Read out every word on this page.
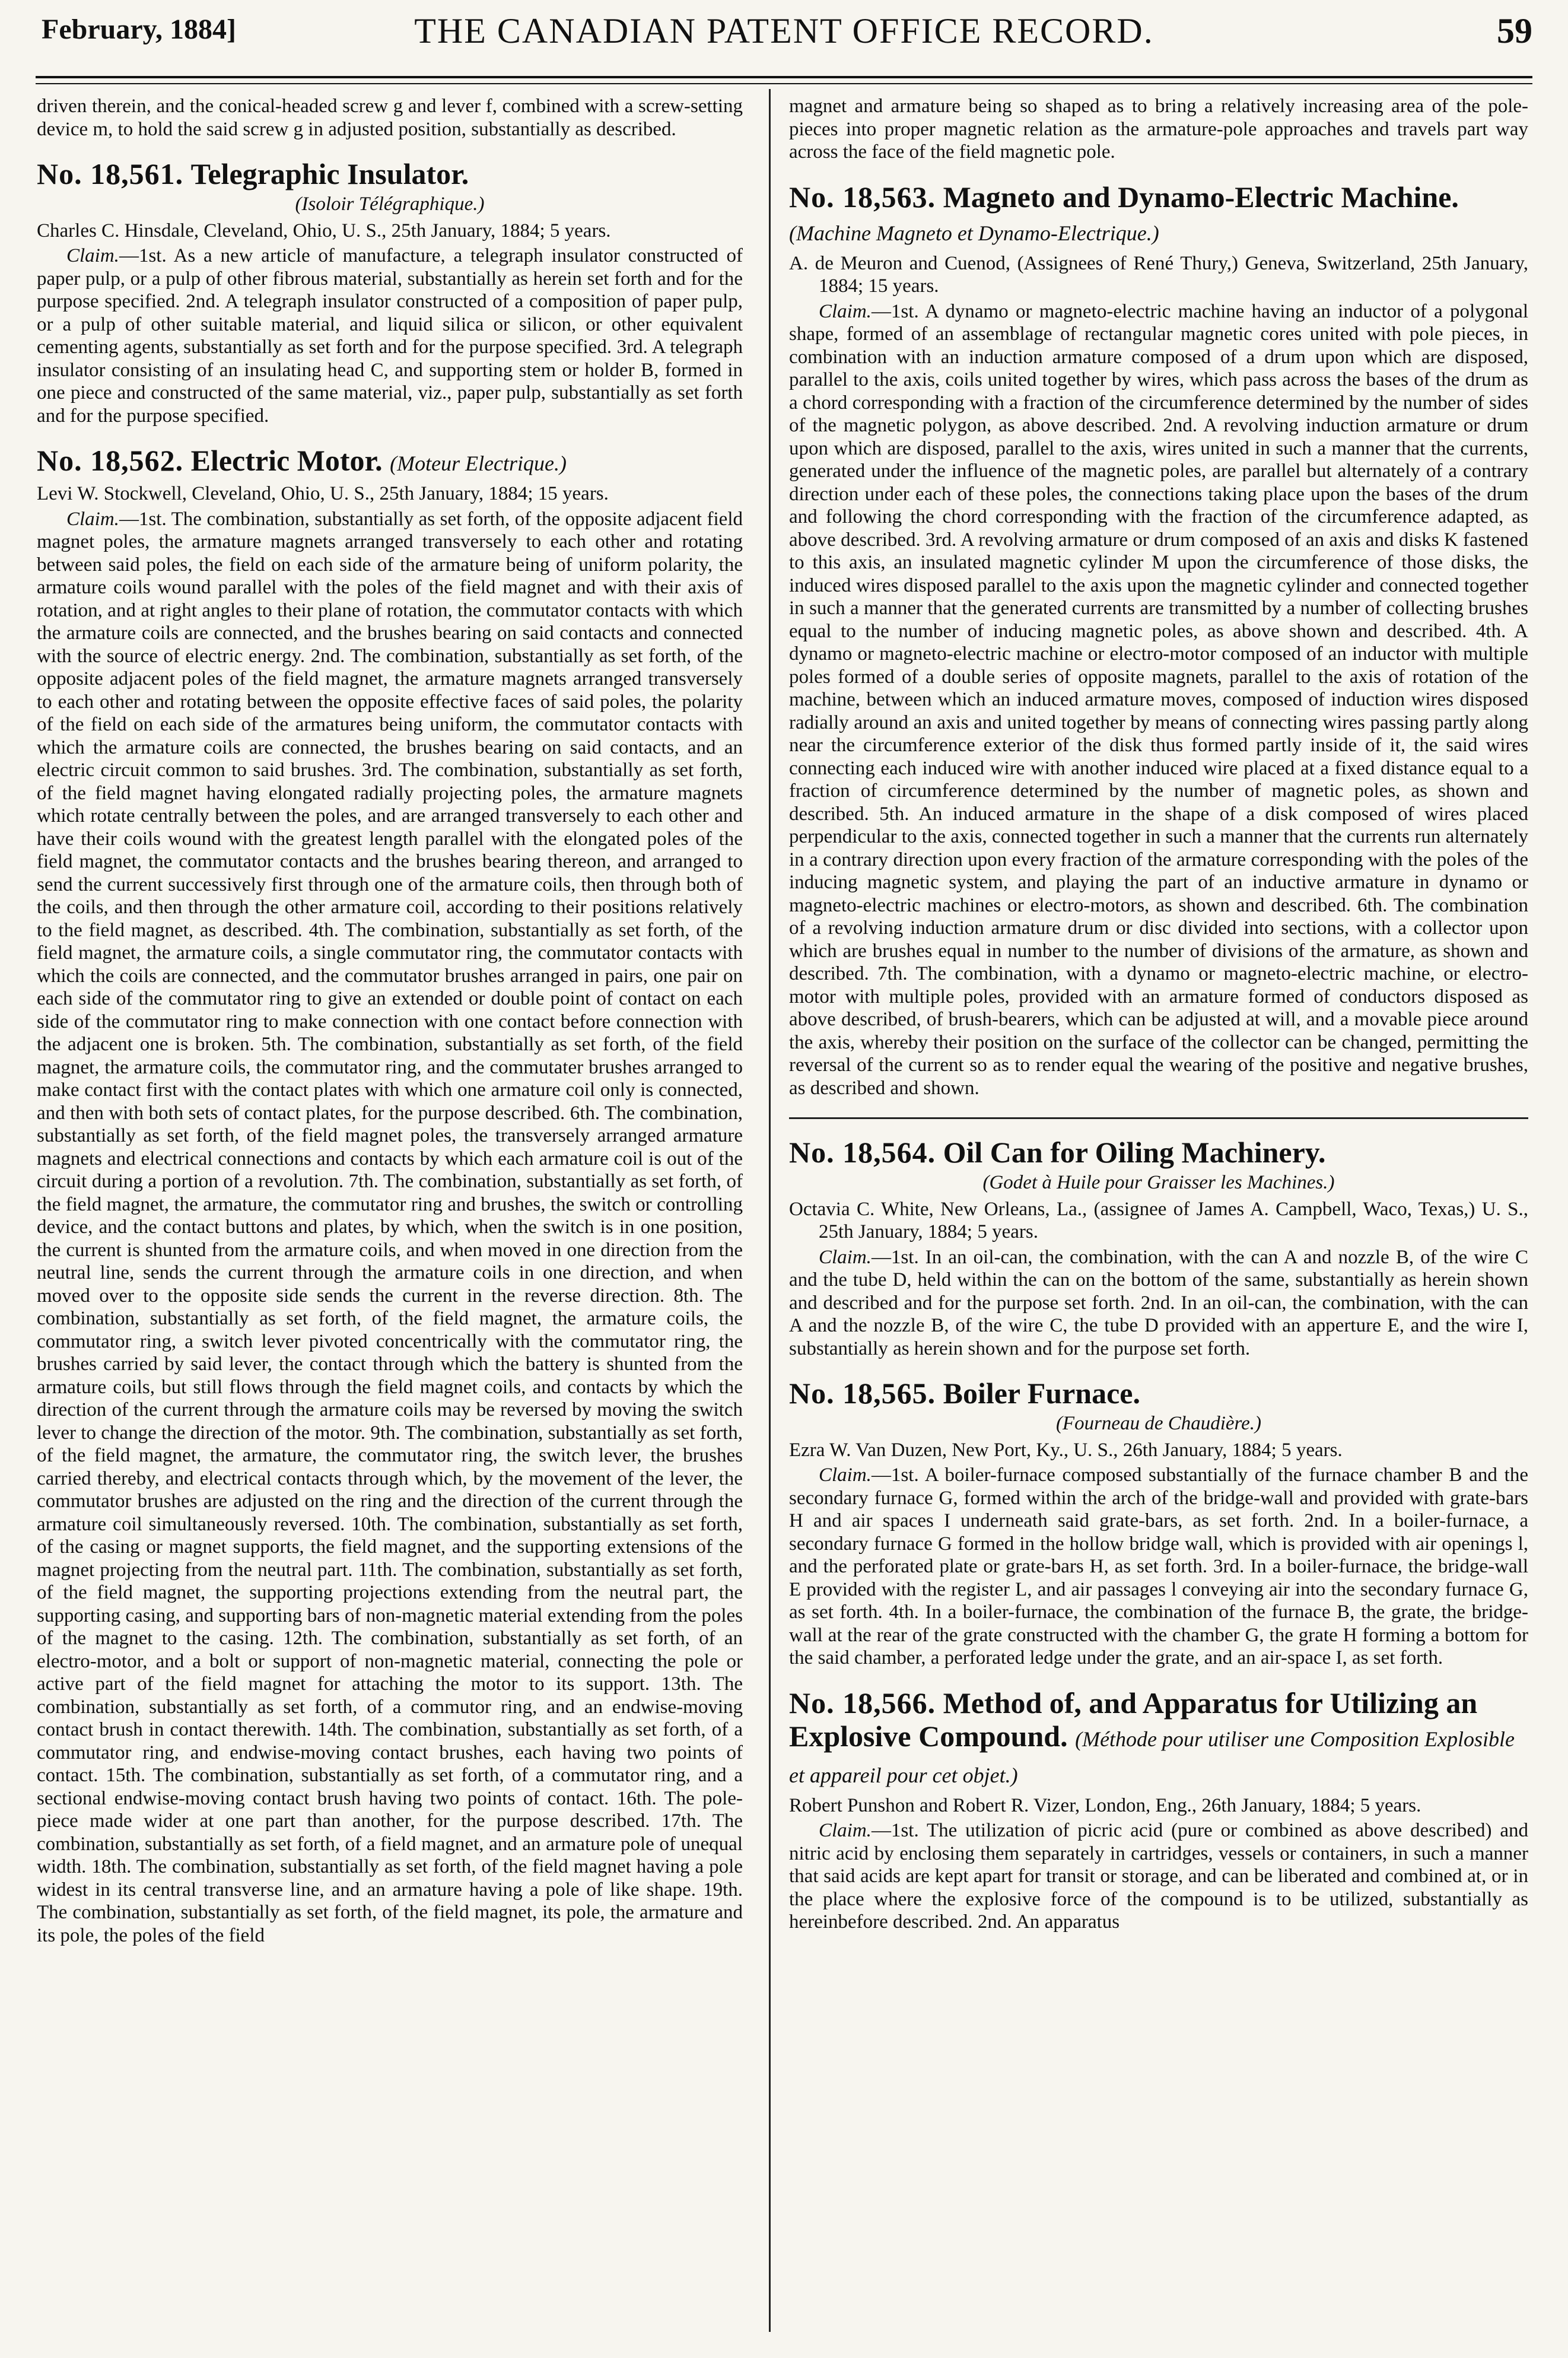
February, 1884]	THE CANADIAN PATENT OFFICE RECORD.	59

driven therein, and the conical-headed screw g and lever f, combined with a screw-setting device m, to hold the said screw g in adjusted position, substantially as described.

No. 18,561. Telegraphic Insulator.

(Isoloir Télégraphique.)

Charles C. Hinsdale, Cleveland, Ohio, U. S., 25th January, 1884; 5 years.

Claim.—1st. As a new article of manufacture, a telegraph insulator constructed of paper pulp, or a pulp of other fibrous material, substantially as herein set forth and for the purpose specified. 2nd. A telegraph insulator constructed of a composition of paper pulp, or a pulp of other suitable material, and liquid silica or silicon, or other equivalent cementing agents, substantially as set forth and for the purpose specified. 3rd. A telegraph insulator consisting of an insulating head C, and supporting stem or holder B, formed in one piece and constructed of the same material, viz., paper pulp, substantially as set forth and for the purpose specified.

No. 18,562. Electric Motor. (Moteur Electrique.)

Levi W. Stockwell, Cleveland, Ohio, U. S., 25th January, 1884; 15 years.

Claim.—1st. The combination, substantially as set forth, of the opposite adjacent field magnet poles, the armature magnets arranged transversely to each other and rotating between said poles, the field on each side of the armature being of uniform polarity, the armature coils wound parallel with the poles of the field magnet and with their axis of rotation, and at right angles to their plane of rotation, the commutator contacts with which the armature coils are connected, and the brushes bearing on said contacts and connected with the source of electric energy. 2nd. The combination, substantially as set forth, of the opposite adjacent poles of the field magnet, the armature magnets arranged transversely to each other and rotating between the opposite effective faces of said poles, the polarity of the field on each side of the armatures being uniform, the commutator contacts with which the armature coils are connected, the brushes bearing on said contacts, and an electric circuit common to said brushes. 3rd. The combination, substantially as set forth, of the field magnet having elongated radially projecting poles, the armature magnets which rotate centrally between the poles, and are arranged transversely to each other and have their coils wound with the greatest length parallel with the elongated poles of the field magnet, the commutator contacts and the brushes bearing thereon, and arranged to send the current successively first through one of the armature coils, then through both of the coils, and then through the other armature coil, according to their positions relatively to the field magnet, as described. 4th. The combination, substantially as set forth, of the field magnet, the armature coils, a single commutator ring, the commutator contacts with which the coils are connected, and the commutator brushes arranged in pairs, one pair on each side of the commutator ring to give an extended or double point of contact on each side of the commutator ring to make connection with one contact before connection with the adjacent one is broken. 5th. The combination, substantially as set forth, of the field magnet, the armature coils, the commutator ring, and the commutater brushes arranged to make contact first with the contact plates with which one armature coil only is connected, and then with both sets of contact plates, for the purpose described. 6th. The combination, substantially as set forth, of the field magnet poles, the transversely arranged armature magnets and electrical connections and contacts by which each armature coil is out of the circuit during a portion of a revolution. 7th. The combination, substantially as set forth, of the field magnet, the armature, the commutator ring and brushes, the switch or controlling device, and the contact buttons and plates, by which, when the switch is in one position, the current is shunted from the armature coils, and when moved in one direction from the neutral line, sends the current through the armature coils in one direction, and when moved over to the opposite side sends the current in the reverse direction. 8th. The combination, substantially as set forth, of the field magnet, the armature coils, the commutator ring, a switch lever pivoted concentrically with the commutator ring, the brushes carried by said lever, the contact through which the battery is shunted from the armature coils, but still flows through the field magnet coils, and contacts by which the direction of the current through the armature coils may be reversed by moving the switch lever to change the direction of the motor. 9th. The combination, substantially as set forth, of the field magnet, the armature, the commutator ring, the switch lever, the brushes carried thereby, and electrical contacts through which, by the movement of the lever, the commutator brushes are adjusted on the ring and the direction of the current through the armature coil simultaneously reversed. 10th. The combination, substantially as set forth, of the casing or magnet supports, the field magnet, and the supporting extensions of the magnet projecting from the neutral part. 11th. The combination, substantially as set forth, of the field magnet, the supporting projections extending from the neutral part, the supporting casing, and supporting bars of non-magnetic material extending from the poles of the magnet to the casing. 12th. The combination, substantially as set forth, of an electro-motor, and a bolt or support of non-magnetic material, connecting the pole or active part of the field magnet for attaching the motor to its support. 13th. The combination, substantially as set forth, of a commutor ring, and an endwise-moving contact brush in contact therewith. 14th. The combination, substantially as set forth, of a commutator ring, and endwise-moving contact brushes, each having two points of contact. 15th. The combination, substantially as set forth, of a commutator ring, and a sectional endwise-moving contact brush having two points of contact. 16th. The pole-piece made wider at one part than another, for the purpose described. 17th. The combination, substantially as set forth, of a field magnet, and an armature pole of unequal width. 18th. The combination, substantially as set forth, of the field magnet having a pole widest in its central transverse line, and an armature having a pole of like shape. 19th. The combination, substantially as set forth, of the field magnet, its pole, the armature and its pole, the poles of the field

magnet and armature being so shaped as to bring a relatively increasing area of the pole-pieces into proper magnetic relation as the armature-pole approaches and travels part way across the face of the field magnetic pole.

No. 18,563. Magneto and Dynamo-Electric Machine. (Machine Magneto et Dynamo-Electrique.)

A. de Meuron and Cuenod, (Assignees of René Thury,) Geneva, Switzerland, 25th January, 1884; 15 years.

Claim.—1st. A dynamo or magneto-electric machine having an inductor of a polygonal shape, formed of an assemblage of rectangular magnetic cores united with pole pieces, in combination with an induction armature composed of a drum upon which are disposed, parallel to the axis, coils united together by wires, which pass across the bases of the drum as a chord corresponding with a fraction of the circumference determined by the number of sides of the magnetic polygon, as above described. 2nd. A revolving induction armature or drum upon which are disposed, parallel to the axis, wires united in such a manner that the currents, generated under the influence of the magnetic poles, are parallel but alternately of a contrary direction under each of these poles, the connections taking place upon the bases of the drum and following the chord corresponding with the fraction of the circumference adapted, as above described. 3rd. A revolving armature or drum composed of an axis and disks K fastened to this axis, an insulated magnetic cylinder M upon the circumference of those disks, the induced wires disposed parallel to the axis upon the magnetic cylinder and connected together in such a manner that the generated currents are transmitted by a number of collecting brushes equal to the number of inducing magnetic poles, as above shown and described. 4th. A dynamo or magneto-electric machine or electro-motor composed of an inductor with multiple poles formed of a double series of opposite magnets, parallel to the axis of rotation of the machine, between which an induced armature moves, composed of induction wires disposed radially around an axis and united together by means of connecting wires passing partly along near the circumference exterior of the disk thus formed partly inside of it, the said wires connecting each induced wire with another induced wire placed at a fixed distance equal to a fraction of circumference determined by the number of magnetic poles, as shown and described. 5th. An induced armature in the shape of a disk composed of wires placed perpendicular to the axis, connected together in such a manner that the currents run alternately in a contrary direction upon every fraction of the armature corresponding with the poles of the inducing magnetic system, and playing the part of an inductive armature in dynamo or magneto-electric machines or electro-motors, as shown and described. 6th. The combination of a revolving induction armature drum or disc divided into sections, with a collector upon which are brushes equal in number to the number of divisions of the armature, as shown and described. 7th. The combination, with a dynamo or magneto-electric machine, or electro-motor with multiple poles, provided with an armature formed of conductors disposed as above described, of brush-bearers, which can be adjusted at will, and a movable piece around the axis, whereby their position on the surface of the collector can be changed, permitting the reversal of the current so as to render equal the wearing of the positive and negative brushes, as described and shown.

No. 18,564. Oil Can for Oiling Machinery.

(Godet à Huile pour Graisser les Machines.)

Octavia C. White, New Orleans, La., (assignee of James A. Campbell, Waco, Texas,) U. S., 25th January, 1884; 5 years.

Claim.—1st. In an oil-can, the combination, with the can A and nozzle B, of the wire C and the tube D, held within the can on the bottom of the same, substantially as herein shown and described and for the purpose set forth. 2nd. In an oil-can, the combination, with the can A and the nozzle B, of the wire C, the tube D provided with an apperture E, and the wire I, substantially as herein shown and for the purpose set forth.

No. 18,565. Boiler Furnace.

(Fourneau de Chaudière.)

Ezra W. Van Duzen, New Port, Ky., U. S., 26th January, 1884; 5 years.

Claim.—1st. A boiler-furnace composed substantially of the furnace chamber B and the secondary furnace G, formed within the arch of the bridge-wall and provided with grate-bars H and air spaces I underneath said grate-bars, as set forth. 2nd. In a boiler-furnace, a secondary furnace G formed in the hollow bridge wall, which is provided with air openings l, and the perforated plate or grate-bars H, as set forth. 3rd. In a boiler-furnace, the bridge-wall E provided with the register L, and air passages l conveying air into the secondary furnace G, as set forth. 4th. In a boiler-furnace, the combination of the furnace B, the grate, the bridge-wall at the rear of the grate constructed with the chamber G, the grate H forming a bottom for the said chamber, a perforated ledge under the grate, and an air-space I, as set forth.

No. 18,566. Method of, and Apparatus for Utilizing an Explosive Compound. (Méthode pour utiliser une Composition Explosible et appareil pour cet objet.)

Robert Punshon and Robert R. Vizer, London, Eng., 26th January, 1884; 5 years.

Claim.—1st. The utilization of picric acid (pure or combined as above described) and nitric acid by enclosing them separately in cartridges, vessels or containers, in such a manner that said acids are kept apart for transit or storage, and can be liberated and combined at, or in the place where the explosive force of the compound is to be utilized, substantially as hereinbefore described. 2nd. An apparatus
